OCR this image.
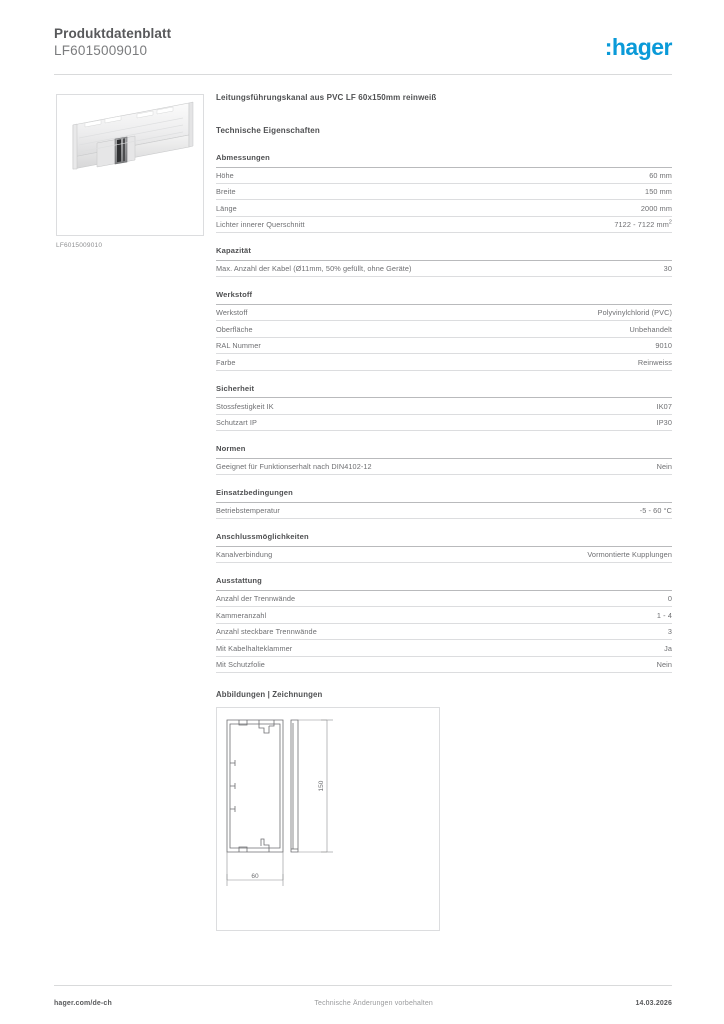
Produktdatenblatt
LF6015009010	:hager
LF6015009010
Leitungsführungskanal aus PVC LF 60x150mm reinweiß
Technische Eigenschaften
Abmessungen
Höhe	60 mm
Breite	150 mm
Länge	2000 mm
Lichter innerer Querschnitt	7122 - 7122 $mm^2$
Kapazität
Max. Anzahl der Kabel (Ø11mm, 50% gefüllt, ohne Geräte)	30
Werkstoff
Werkstoff	Polyvinylchlorid (PVC)
Oberfläche	Unbehandelt
RAL Nummer	9010
Farbe	Reinweiss
Sicherheit
Stossfestigkeit IK	IK07
Schutzart IP	IP30
Normen
Geeignet für Funktionserhalt nach DIN4102-12	Nein
Einsatzbedingungen
Betriebstemperatur	-5 - 60 °C
Anschlussmöglichkeiten
Kanalverbindung	Vormontierte Kupplungen
Ausstattung
Anzahl der Trennwände	0
Kammeranzahl	1 - 4
Anzahl steckbare Trennwände	3
Mit Kabelhalteklammer	Ja
Mit Schutzfolie	Nein
Abbildungen | Zeichnungen
150
60
hager.com/de-ch	Technische Änderungen vorbehalten	14.03.2026
